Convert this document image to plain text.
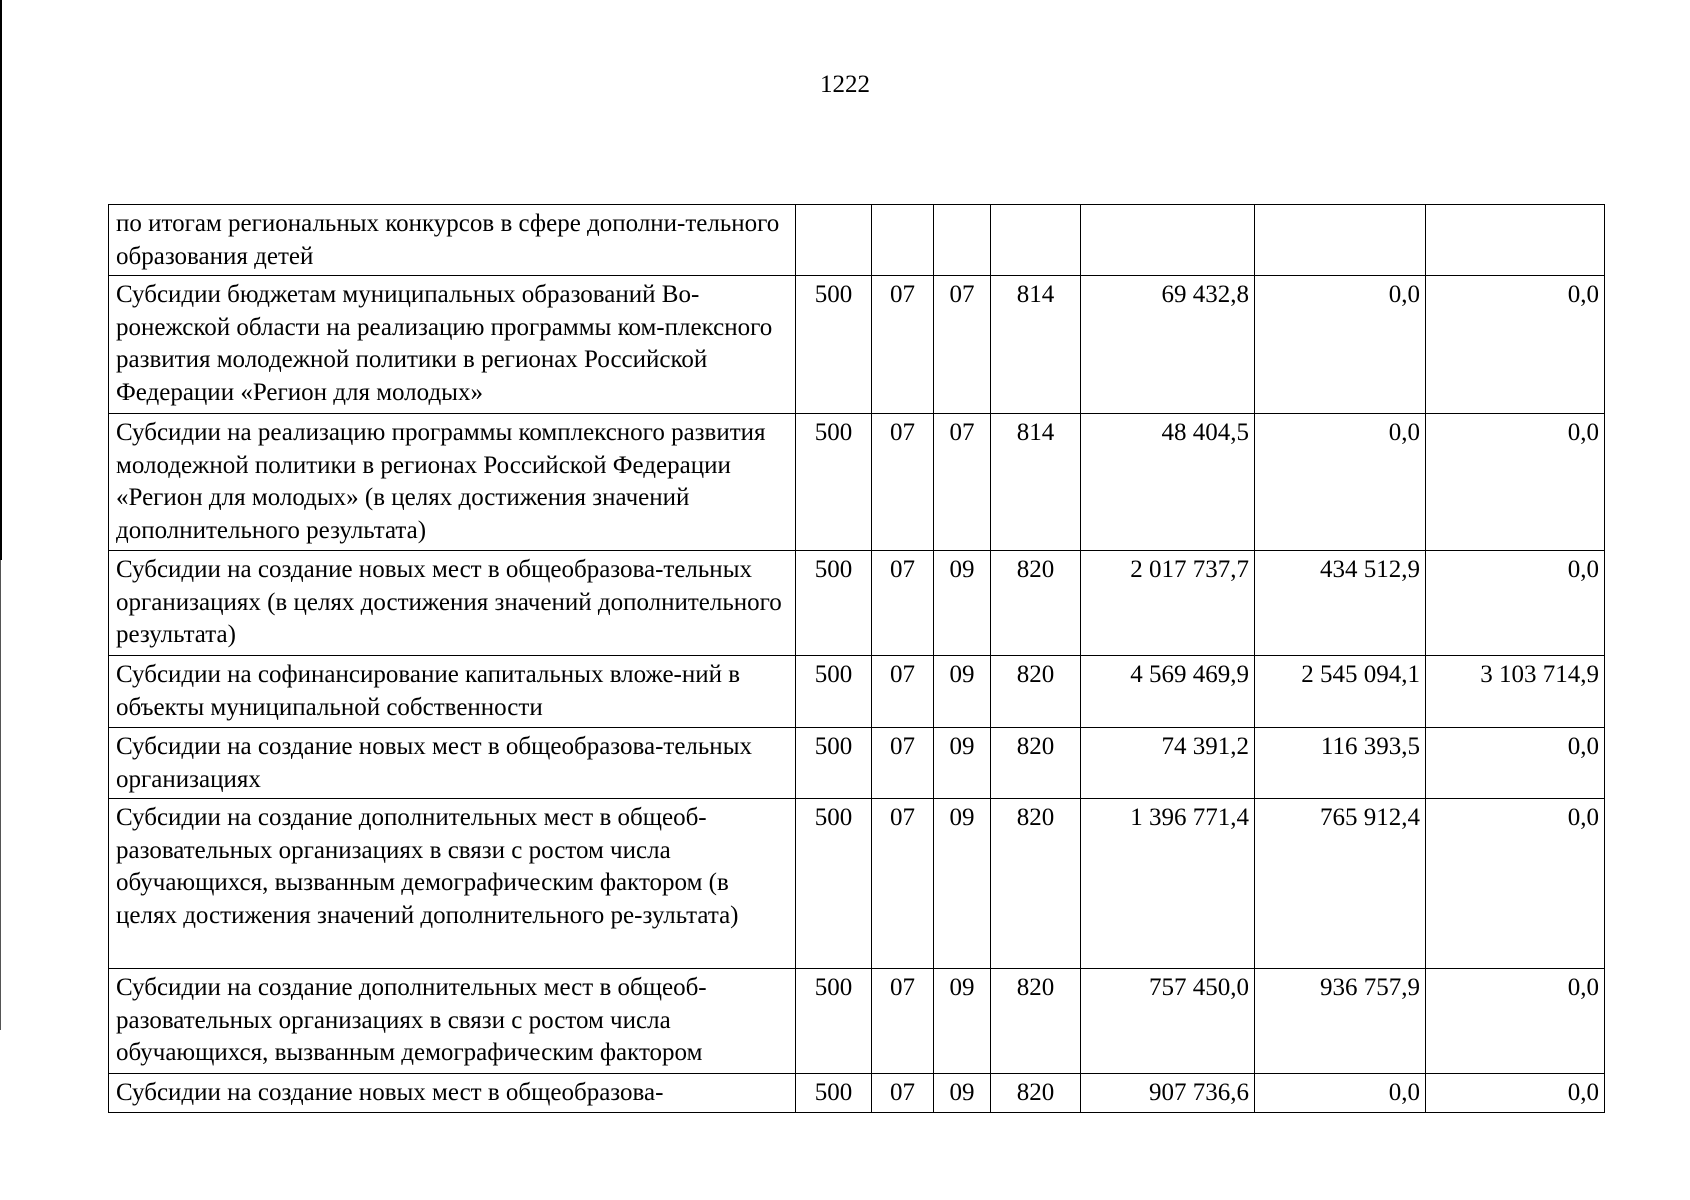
1222
по итогам региональных конкурсов в сфере дополни-тельного образования детей							
Субсидии бюджетам муниципальных образований Во-ронежской области на реализацию программы ком-плексного развития молодежной политики в регионах Российской Федерации «Регион для молодых»	500	07	07	814	69 432,8	0,0	0,0
Субсидии на реализацию программы комплексного развития молодежной политики в регионах Российской Федерации «Регион для молодых» (в целях достижения значений дополнительного результата)	500	07	07	814	48 404,5	0,0	0,0
Субсидии на создание новых мест в общеобразова-тельных организациях (в целях достижения значений дополнительного результата)	500	07	09	820	2 017 737,7	434 512,9	0,0
Субсидии на софинансирование капитальных вложе-ний в объекты муниципальной собственности	500	07	09	820	4 569 469,9	2 545 094,1	3 103 714,9
Субсидии на создание новых мест в общеобразова-тельных организациях	500	07	09	820	74 391,2	116 393,5	0,0
Субсидии на создание дополнительных мест в общеоб-разовательных организациях в связи с ростом числа обучающихся, вызванным демографическим фактором (в целях достижения значений дополнительного ре-зультата)	500	07	09	820	1 396 771,4	765 912,4	0,0
Субсидии на создание дополнительных мест в общеоб-разовательных организациях в связи с ростом числа обучающихся, вызванным демографическим фактором	500	07	09	820	757 450,0	936 757,9	0,0
Субсидии на создание новых мест в общеобразова-	500	07	09	820	907 736,6	0,0	0,0
